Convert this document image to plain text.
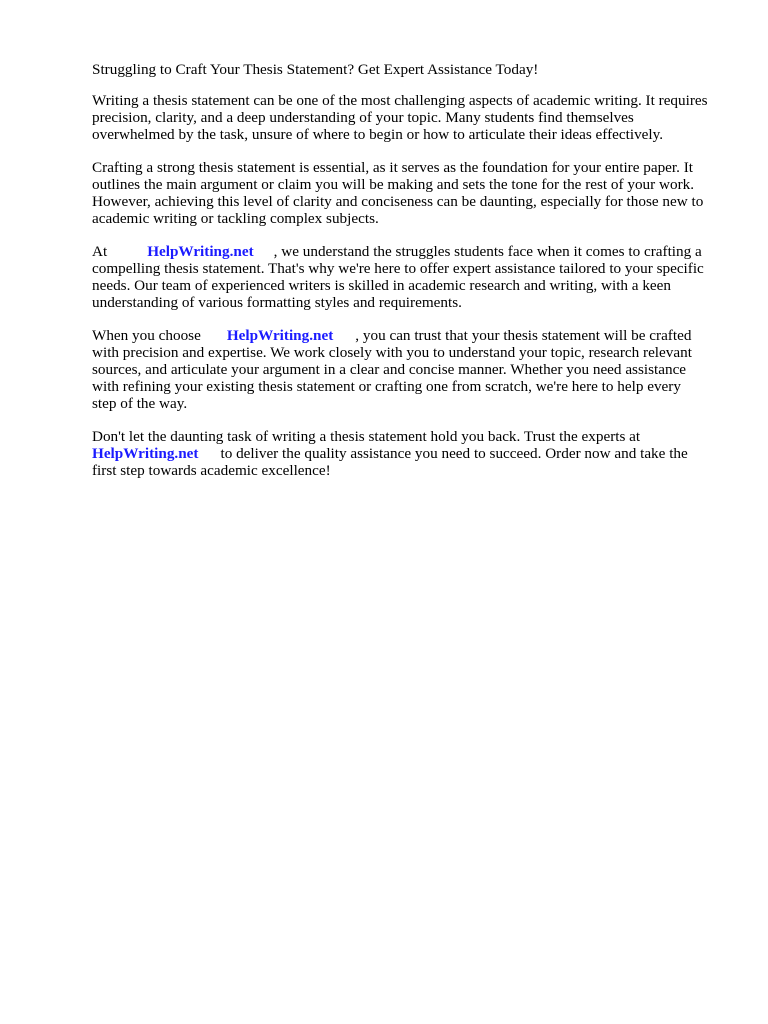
Struggling to Craft Your Thesis Statement? Get Expert Assistance Today!

Writing a thesis statement can be one of the most challenging aspects of academic writing. It requires
precision, clarity, and a deep understanding of your topic. Many students find themselves
overwhelmed by the task, unsure of where to begin or how to articulate their ideas effectively.
Crafting a strong thesis statement is essential, as it serves as the foundation for your entire paper. It
outlines the main argument or claim you will be making and sets the tone for the rest of your work.
However, achieving this level of clarity and conciseness can be daunting, especially for those new to
academic writing or tackling complex subjects.
At	HelpWriting.net , we understand the struggles students face when it comes to crafting a
compelling thesis statement. That's why we're here to offer expert assistance tailored to your specific
needs. Our team of experienced writers is skilled in academic research and writing, with a keen
understanding of various formatting styles and requirements.
When you choose HelpWriting.net , you can trust that your thesis statement will be crafted
with precision and expertise. We work closely with you to understand your topic, research relevant
sources, and articulate your argument in a clear and concise manner. Whether you need assistance
with refining your existing thesis statement or crafting one from scratch, we're here to help every
step of the way.
Don't let the daunting task of writing a thesis statement hold you back. Trust the experts at
HelpWriting.net to deliver the quality assistance you need to succeed. Order now and take the
first step towards academic excellence!
